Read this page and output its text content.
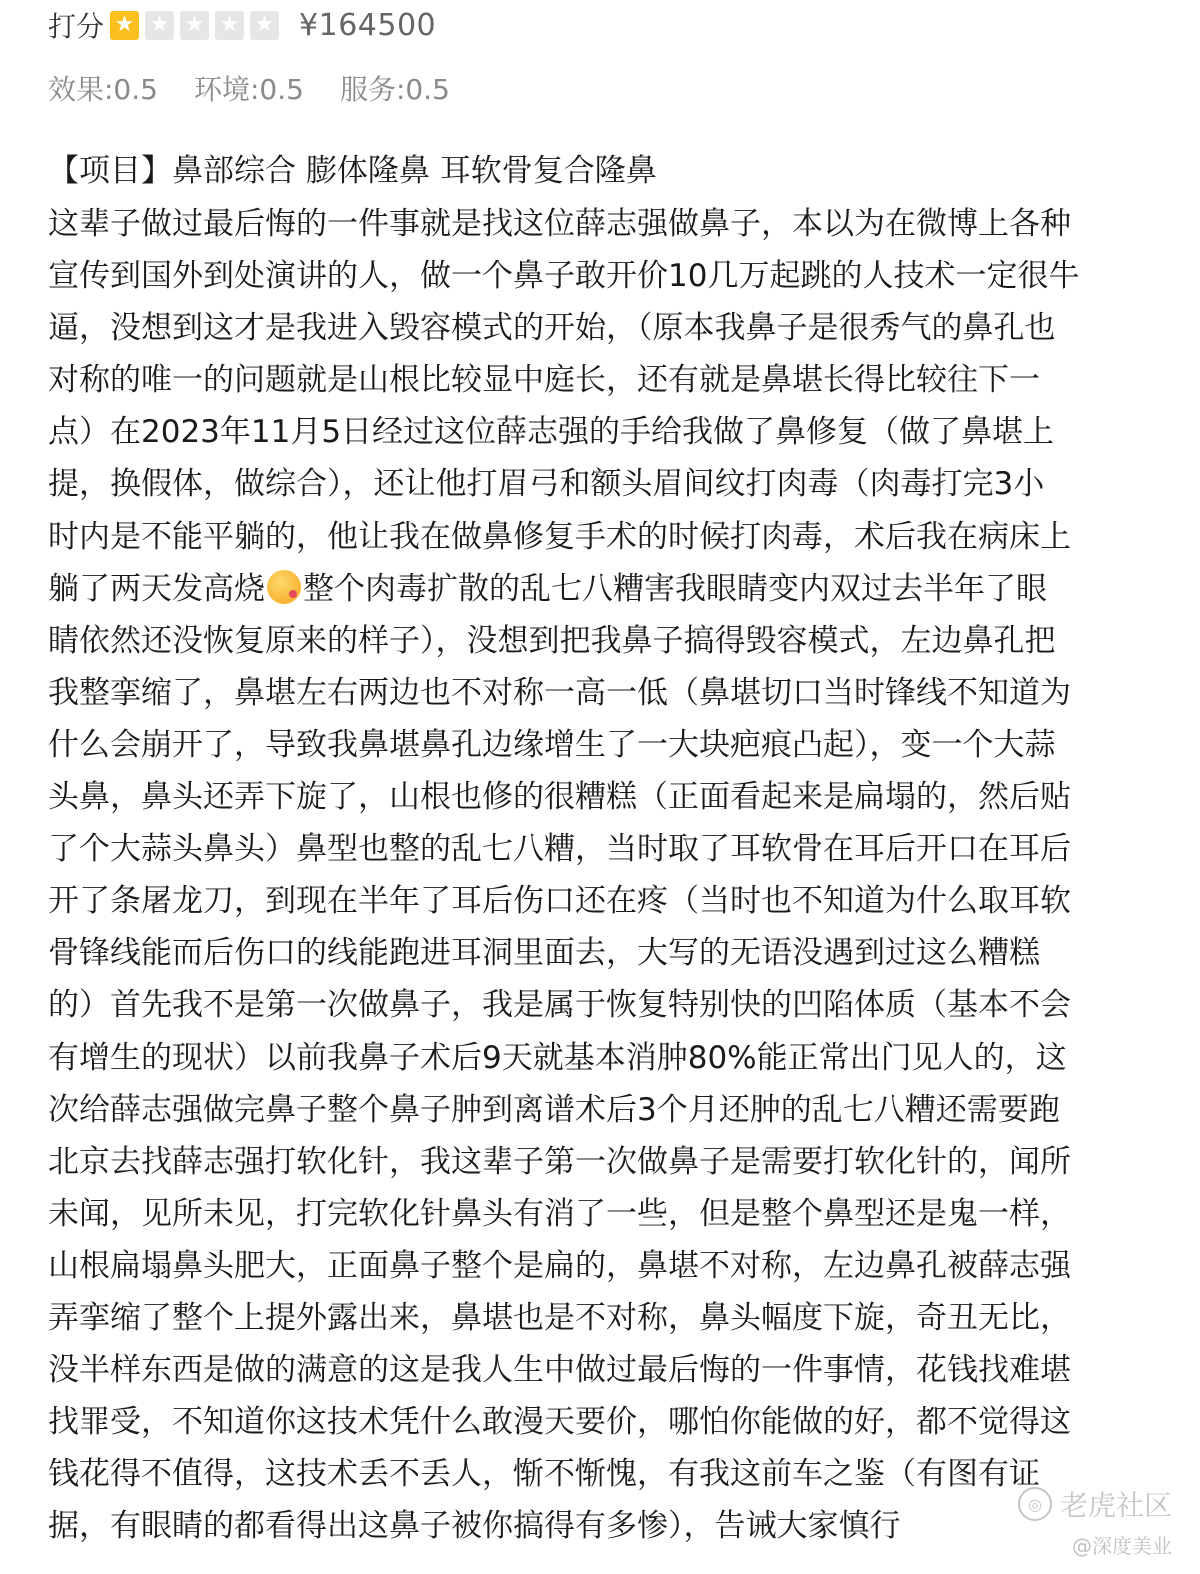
打分 ★ ★ ★ ★ ★ ¥164500
效果:0.5 环境:0.5 服务:0.5
【项目】鼻部综合 膨体隆鼻 耳软骨复合隆鼻
这辈子做过最后悔的一件事就是找这位薛志强做鼻子，本以为在微博上各种
宣传到国外到处演讲的人，做一个鼻子敢开价10几万起跳的人技术一定很牛
逼，没想到这才是我进入毁容模式的开始，（原本我鼻子是很秀气的鼻孔也
对称的唯一的问题就是山根比较显中庭长，还有就是鼻堪长得比较往下一
点）在2023年11月5日经过这位薛志强的手给我做了鼻修复（做了鼻堪上
提，换假体，做综合），还让他打眉弓和额头眉间纹打肉毒（肉毒打完3小
时内是不能平躺的，他让我在做鼻修复手术的时候打肉毒，术后我在病床上
躺了两天发高烧 整个肉毒扩散的乱七八糟害我眼睛变内双过去半年了眼
睛依然还没恢复原来的样子），没想到把我鼻子搞得毁容模式，左边鼻孔把
我整挛缩了，鼻堪左右两边也不对称一高一低（鼻堪切口当时锋线不知道为
什么会崩开了，导致我鼻堪鼻孔边缘增生了一大块疤痕凸起），变一个大蒜
头鼻，鼻头还弄下旋了，山根也修的很糟糕（正面看起来是扁塌的，然后贴
了个大蒜头鼻头）鼻型也整的乱七八糟，当时取了耳软骨在耳后开口在耳后
开了条屠龙刀，到现在半年了耳后伤口还在疼（当时也不知道为什么取耳软
骨锋线能而后伤口的线能跑进耳洞里面去，大写的无语没遇到过这么糟糕
的）首先我不是第一次做鼻子，我是属于恢复特别快的凹陷体质（基本不会
有增生的现状）以前我鼻子术后9天就基本消肿80%能正常出门见人的，这
次给薛志强做完鼻子整个鼻子肿到离谱术后3个月还肿的乱七八糟还需要跑
北京去找薛志强打软化针，我这辈子第一次做鼻子是需要打软化针的，闻所
未闻，见所未见，打完软化针鼻头有消了一些，但是整个鼻型还是鬼一样，
山根扁塌鼻头肥大，正面鼻子整个是扁的，鼻堪不对称，左边鼻孔被薛志强
弄挛缩了整个上提外露出来，鼻堪也是不对称，鼻头幅度下旋，奇丑无比，
没半样东西是做的满意的这是我人生中做过最后悔的一件事情，花钱找难堪
找罪受，不知道你这技术凭什么敢漫天要价，哪怕你能做的好，都不觉得这
钱花得不值得，这技术丢不丢人，惭不惭愧，有我这前车之鉴（有图有证
据，有眼睛的都看得出这鼻子被你搞得有多惨），告诫大家慎行
◎ 老虎社区
@深度美业
